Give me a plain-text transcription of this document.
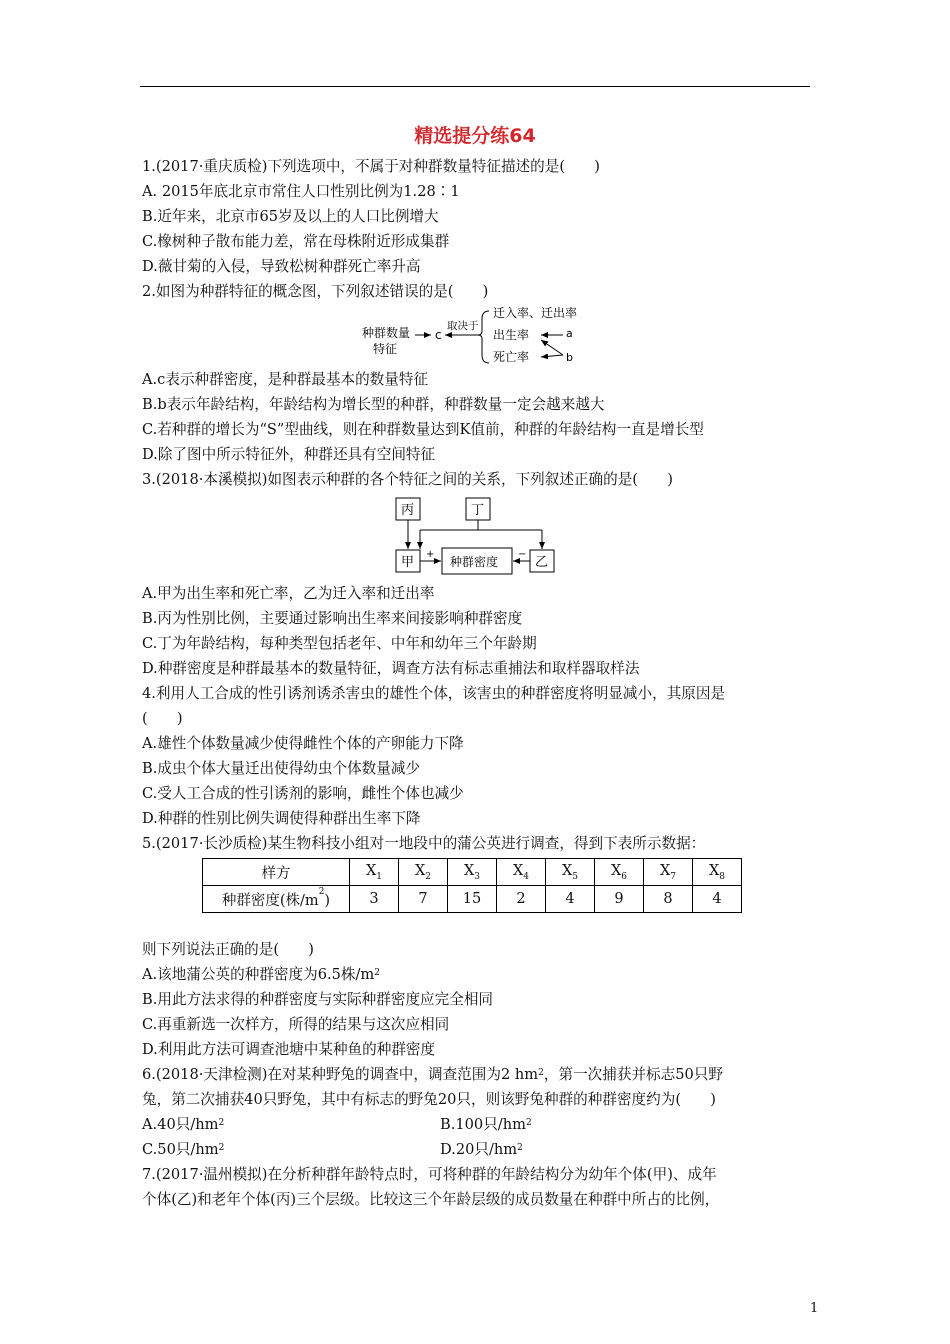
精选提分练64
1.(2017·重庆质检)下列选项中，不属于对种群数量特征描述的是(　　)
A. 2015年底北京市常住人口性别比例为1.28∶1
B.近年来，北京市65岁及以上的人口比例增大
C.橡树种子散布能力差，常在母株附近形成集群
D.薇甘菊的入侵，导致松树种群死亡率升高
2.如图为种群特征的概念图，下列叙述错误的是(　　)
种群数量
特征
c
取决于
迁入率、迁出率
出生率
死亡率
a
b
A.c表示种群密度，是种群最基本的数量特征
B.b表示年龄结构，年龄结构为增长型的种群，种群数量一定会越来越大
C.若种群的增长为“S”型曲线，则在种群数量达到K值前，种群的年龄结构一直是增长型
D.除了图中所示特征外，种群还具有空间特征
3.(2018·本溪模拟)如图表示种群的各个特征之间的关系，下列叙述正确的是(　　)
丙	丁
甲	种群密度	乙
+	−
A.甲为出生率和死亡率，乙为迁入率和迁出率
B.丙为性别比例，主要通过影响出生率来间接影响种群密度
C.丁为年龄结构，每种类型包括老年、中年和幼年三个年龄期
D.种群密度是种群最基本的数量特征，调查方法有标志重捕法和取样器取样法
4.利用人工合成的性引诱剂诱杀害虫的雄性个体，该害虫的种群密度将明显减小，其原因是
(　　)
A.雄性个体数量减少使得雌性个体的产卵能力下降
B.成虫个体大量迁出使得幼虫个体数量减少
C.受人工合成的性引诱剂的影响，雌性个体也减少
D.种群的性别比例失调使得种群出生率下降
5.(2017·长沙质检)某生物科技小组对一地段中的蒲公英进行调查，得到下表所示数据：
样方	$X_1$	$X_2$	$X_3$	$X_4$	$X_5$	$X_6$	$X_7$	$X_8$
种群密度(株$/m^2$)	3	7	15	2	4	9	8	4
则下列说法正确的是(　　)
A.该地蒲公英的种群密度为6.5株$/m^2$
B.用此方法求得的种群密度与实际种群密度应完全相同
C.再重新选一次样方，所得的结果与这次应相同
D.利用此方法可调查池塘中某种鱼的种群密度
6.(2018·天津检测)在对某种野兔的调查中，调查范围为2 $hm^2$，第一次捕获并标志50只野
兔，第二次捕获40只野兔，其中有标志的野兔20只，则该野兔种群的种群密度约为(　　)
A.40只$/hm^2$	B.100只$/hm^2$
C.50只$/hm^2$	D.20只$/hm^2$
7.(2017·温州模拟)在分析种群年龄特点时，可将种群的年龄结构分为幼年个体(甲)、成年
个体(乙)和老年个体(丙)三个层级。比较这三个年龄层级的成员数量在种群中所占的比例，
1
